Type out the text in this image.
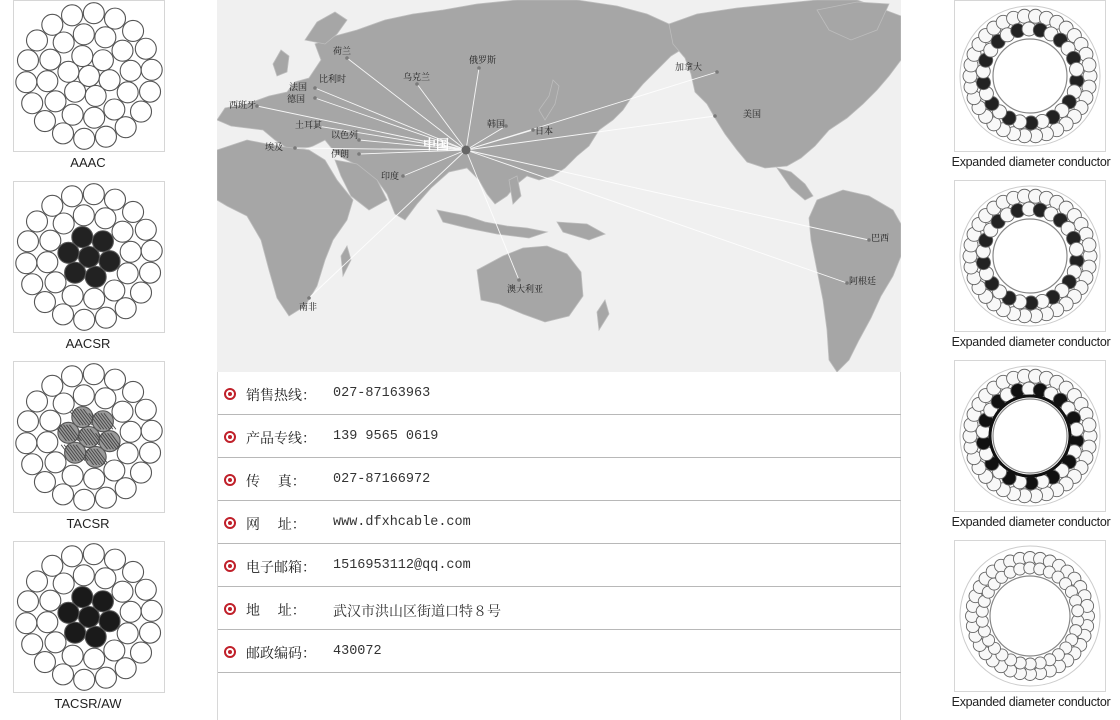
AAAC
AACSR
TACSR
TACSR/AW
中国
荷兰
法国
比利时
德国
西班牙
乌克兰
俄罗斯
土耳其
以色列
埃及
伊朗
印度
韩国
日本
加拿大
美国
巴西
阿根廷
澳大利亚
南非
销售热线： 027-87163963
产品专线： 139 9565 0619
传    真： 027-87166972
网    址： www.dfxhcable.com
电子邮箱： 1516953112@qq.com
地    址： 武汉市洪山区街道口特８号
邮政编码： 430072
Expanded diameter conductor
Expanded diameter conductor
Expanded diameter conductor
Expanded diameter conductor
